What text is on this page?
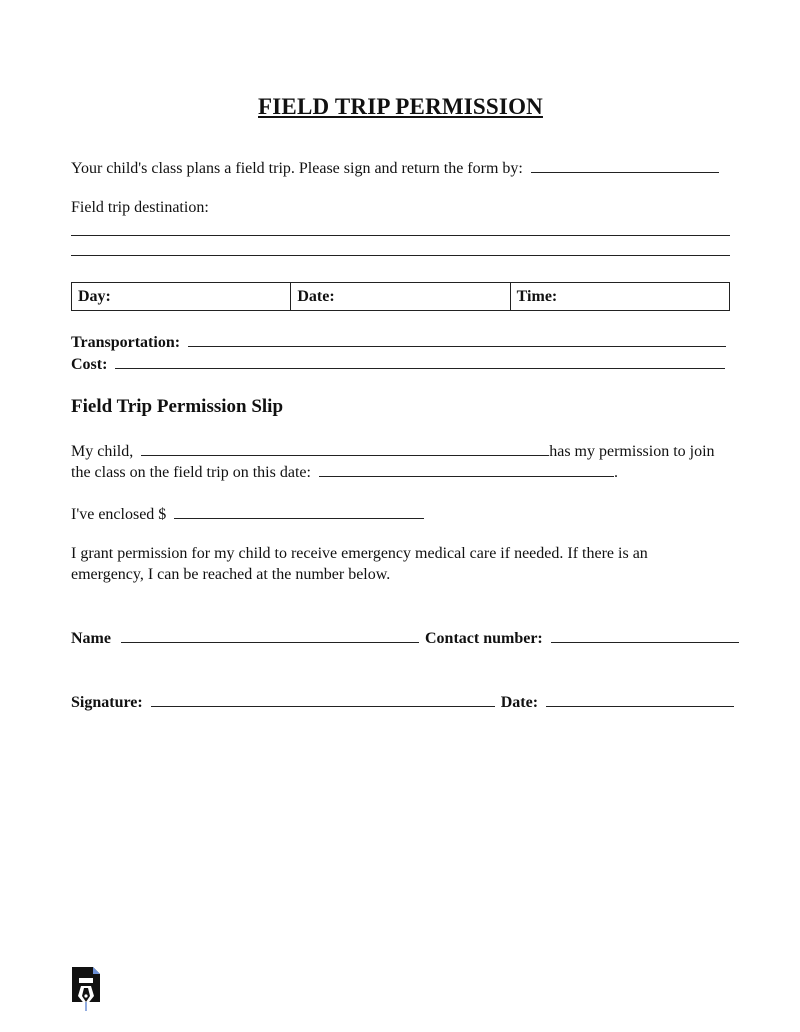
FIELD TRIP PERMISSION
Your child's class plans a field trip. Please sign and return the form by:
Field trip destination:
Day:	Date:	Time:
Transportation:
Cost:
Field Trip Permission Slip
My child,	has my permission to join
the class on the field trip on this date:	.
I've enclosed $
I grant permission for my child to receive emergency medical care if needed. If there is an
emergency, I can be reached at the number below.
Name	Contact number:
Signature:	Date:
